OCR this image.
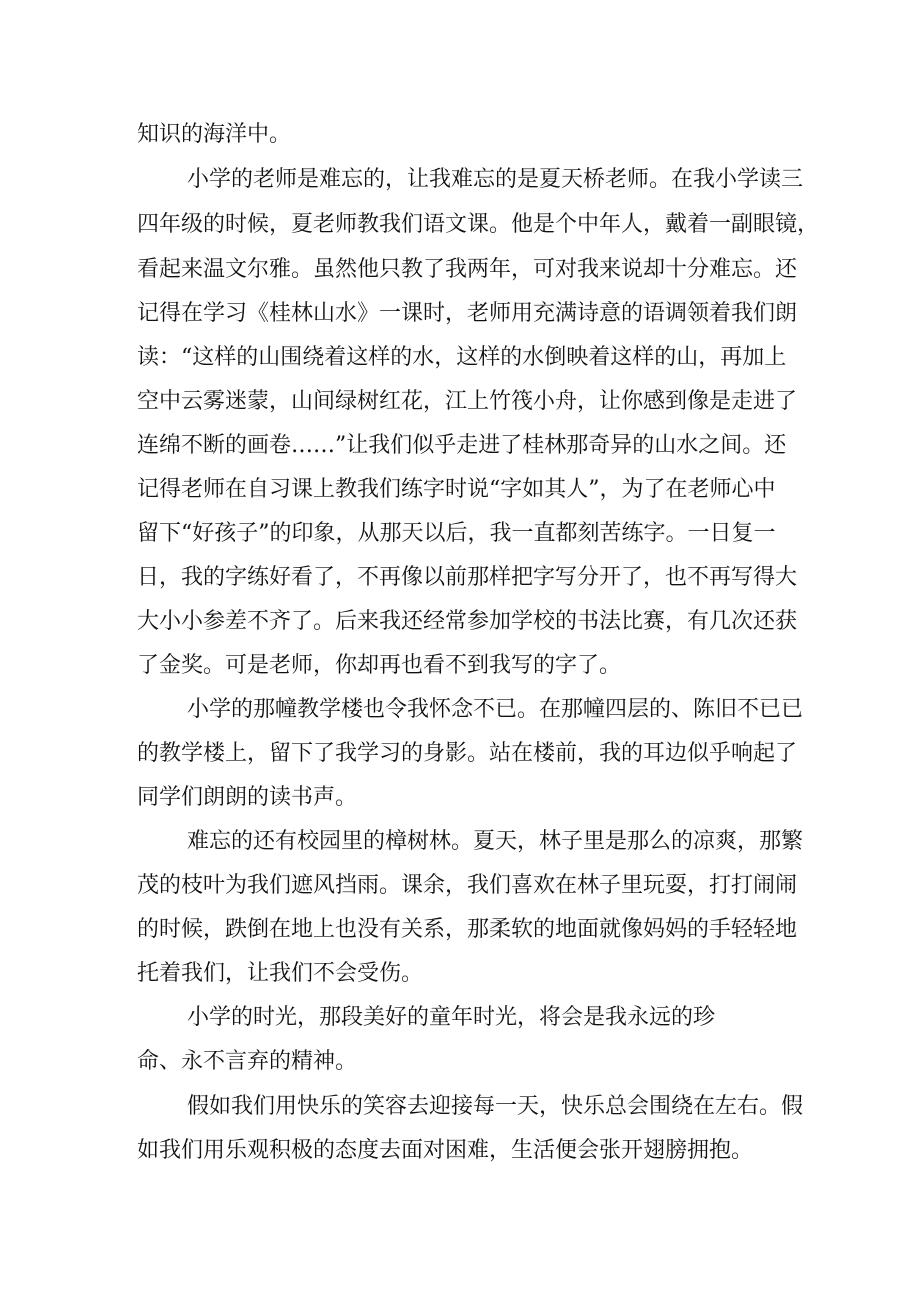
知识的海洋中。

小学的老师是难忘的，让我难忘的是夏天桥老师。在我小学读三

四年级的时候，夏老师教我们语文课。他是个中年人，戴着一副眼镜，

看起来温文尔雅。虽然他只教了我两年，可对我来说却十分难忘。还

记得在学习《桂林山水》一课时，老师用充满诗意的语调领着我们朗

读：“这样的山围绕着这样的水，这样的水倒映着这样的山，再加上

空中云雾迷蒙，山间绿树红花，江上竹筏小舟，让你感到像是走进了

连绵不断的画卷……”让我们似乎走进了桂林那奇异的山水之间。还

记得老师在自习课上教我们练字时说“字如其人”，为了在老师心中

留下“好孩子”的印象，从那天以后，我一直都刻苦练字。一日复一

日，我的字练好看了，不再像以前那样把字写分开了，也不再写得大

大小小参差不齐了。后来我还经常参加学校的书法比赛，有几次还获

了金奖。可是老师，你却再也看不到我写的字了。

小学的那幢教学楼也令我怀念不已。在那幢四层的、陈旧不已已

的教学楼上，留下了我学习的身影。站在楼前，我的耳边似乎响起了

同学们朗朗的读书声。

难忘的还有校园里的樟树林。夏天，林子里是那么的凉爽，那繁

茂的枝叶为我们遮风挡雨。课余，我们喜欢在林子里玩耍，打打闹闹

的时候，跌倒在地上也没有关系，那柔软的地面就像妈妈的手轻轻地

托着我们，让我们不会受伤。

小学的时光，那段美好的童年时光，将会是我永远的珍

命、永不言弃的精神。

假如我们用快乐的笑容去迎接每一天，快乐总会围绕在左右。假

如我们用乐观积极的态度去面对困难，生活便会张开翅膀拥抱。
